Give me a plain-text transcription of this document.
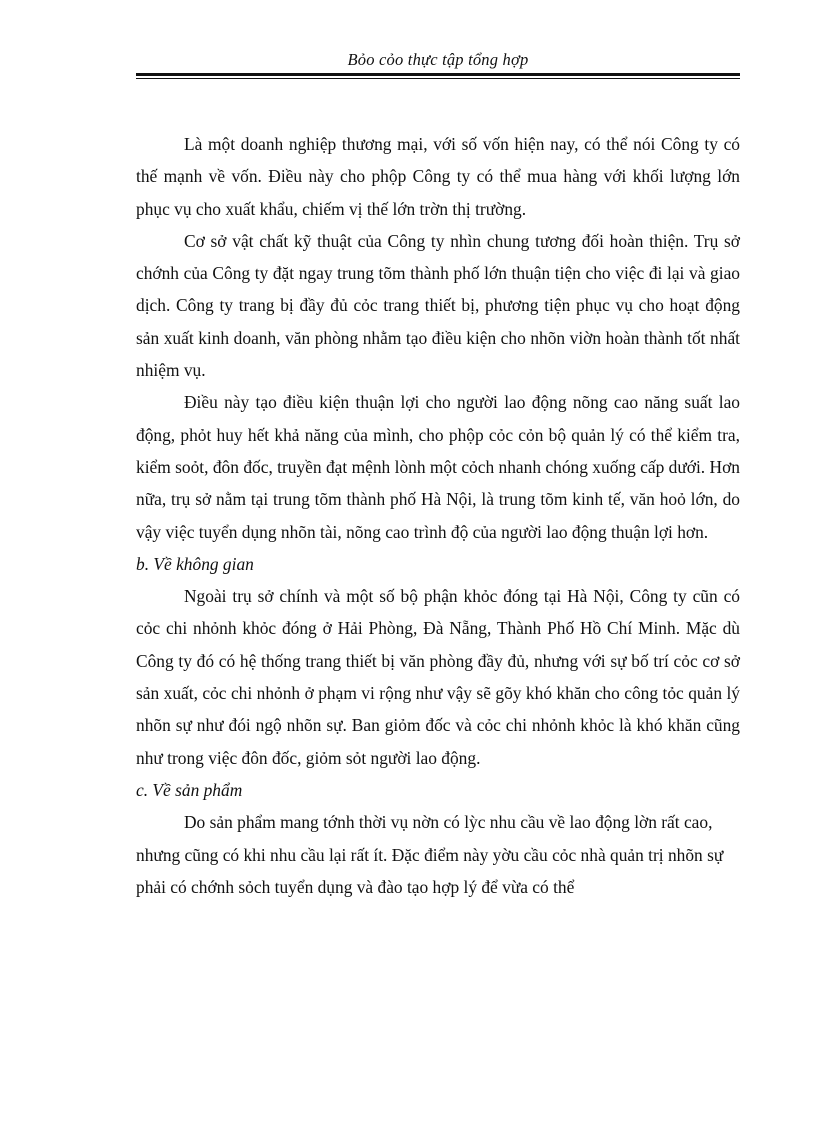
Bỏo cỏo thực tập tổng hợp

Là một doanh nghiệp thương mại, với số vốn hiện nay, có thể nói Công ty có thế mạnh về vốn. Điều này cho phộp Công ty có thể mua hàng với khối lượng lớn phục vụ cho xuất khẩu, chiếm vị thế lớn trờn thị trường.

Cơ sở vật chất kỹ thuật của Công ty nhìn chung tương đối hoàn thiện. Trụ sở chớnh của Công ty đặt ngay trung tõm thành phố lớn thuận tiện cho việc đi lại và giao dịch. Công ty trang bị đầy đủ cỏc trang thiết bị, phương tiện phục vụ cho hoạt động sản xuất kinh doanh, văn phòng nhằm tạo điều kiện cho nhõn viờn hoàn thành tốt nhất nhiệm vụ.

Điều này tạo điều kiện thuận lợi cho người lao động nõng cao năng suất lao động, phỏt huy hết khả năng của mình, cho phộp cỏc cỏn bộ quản lý có thể kiểm tra, kiểm soỏt, đôn đốc, truyền đạt mệnh lònh một cỏch nhanh chóng xuống cấp dưới. Hơn nữa, trụ sở nằm tại trung tõm thành phố Hà Nội, là trung tõm kinh tế, văn hoỏ lớn, do vậy việc tuyển dụng nhõn tài, nõng cao trình độ của người lao động thuận lợi hơn.

b. Về không gian

Ngoài trụ sở chính và một số bộ phận khỏc đóng tại Hà Nội, Công ty cũn có cỏc chi nhỏnh khỏc đóng ở Hải Phòng, Đà Nẵng, Thành Phố Hồ Chí Minh. Mặc dù Công ty đó có hệ thống trang thiết bị văn phòng đầy đủ, nhưng với sự bố trí cỏc cơ sở sản xuất, cỏc chi nhỏnh ở phạm vi rộng như vậy sẽ gõy khó khăn cho công tỏc quản lý nhõn sự như đói ngộ nhõn sự. Ban giỏm đốc và cỏc chi nhỏnh khỏc là khó khăn cũng như trong việc đôn đốc, giỏm sỏt người lao động.

c. Về sản phẩm

Do sản phẩm mang tớnh thời vụ nờn có lỳc nhu cầu về lao động lờn rất cao, nhưng cũng có khi nhu cầu lại rất ít. Đặc điểm này yờu cầu cỏc nhà quản trị nhõn sự phải có chớnh sỏch tuyển dụng và đào tạo hợp lý để vừa có thể
